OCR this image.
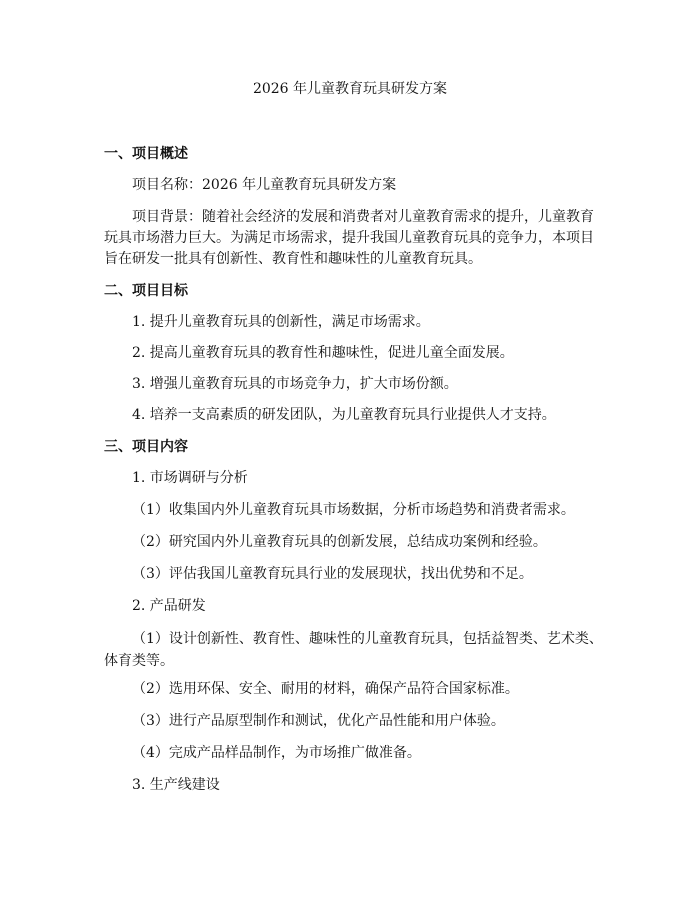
2026 年儿童教育玩具研发方案
一、项目概述
项目名称：2026 年儿童教育玩具研发方案
项目背景：随着社会经济的发展和消费者对儿童教育需求的提升，儿童教育玩具市场潜力巨大。为满足市场需求，提升我国儿童教育玩具的竞争力，本项目旨在研发一批具有创新性、教育性和趣味性的儿童教育玩具。
二、项目目标
1. 提升儿童教育玩具的创新性，满足市场需求。
2. 提高儿童教育玩具的教育性和趣味性，促进儿童全面发展。
3. 增强儿童教育玩具的市场竞争力，扩大市场份额。
4. 培养一支高素质的研发团队，为儿童教育玩具行业提供人才支持。
三、项目内容
1. 市场调研与分析
（1）收集国内外儿童教育玩具市场数据，分析市场趋势和消费者需求。
（2）研究国内外儿童教育玩具的创新发展，总结成功案例和经验。
（3）评估我国儿童教育玩具行业的发展现状，找出优势和不足。
2. 产品研发
（1）设计创新性、教育性、趣味性的儿童教育玩具，包括益智类、艺术类、体育类等。
（2）选用环保、安全、耐用的材料，确保产品符合国家标准。
（3）进行产品原型制作和测试，优化产品性能和用户体验。
（4）完成产品样品制作，为市场推广做准备。
3. 生产线建设
